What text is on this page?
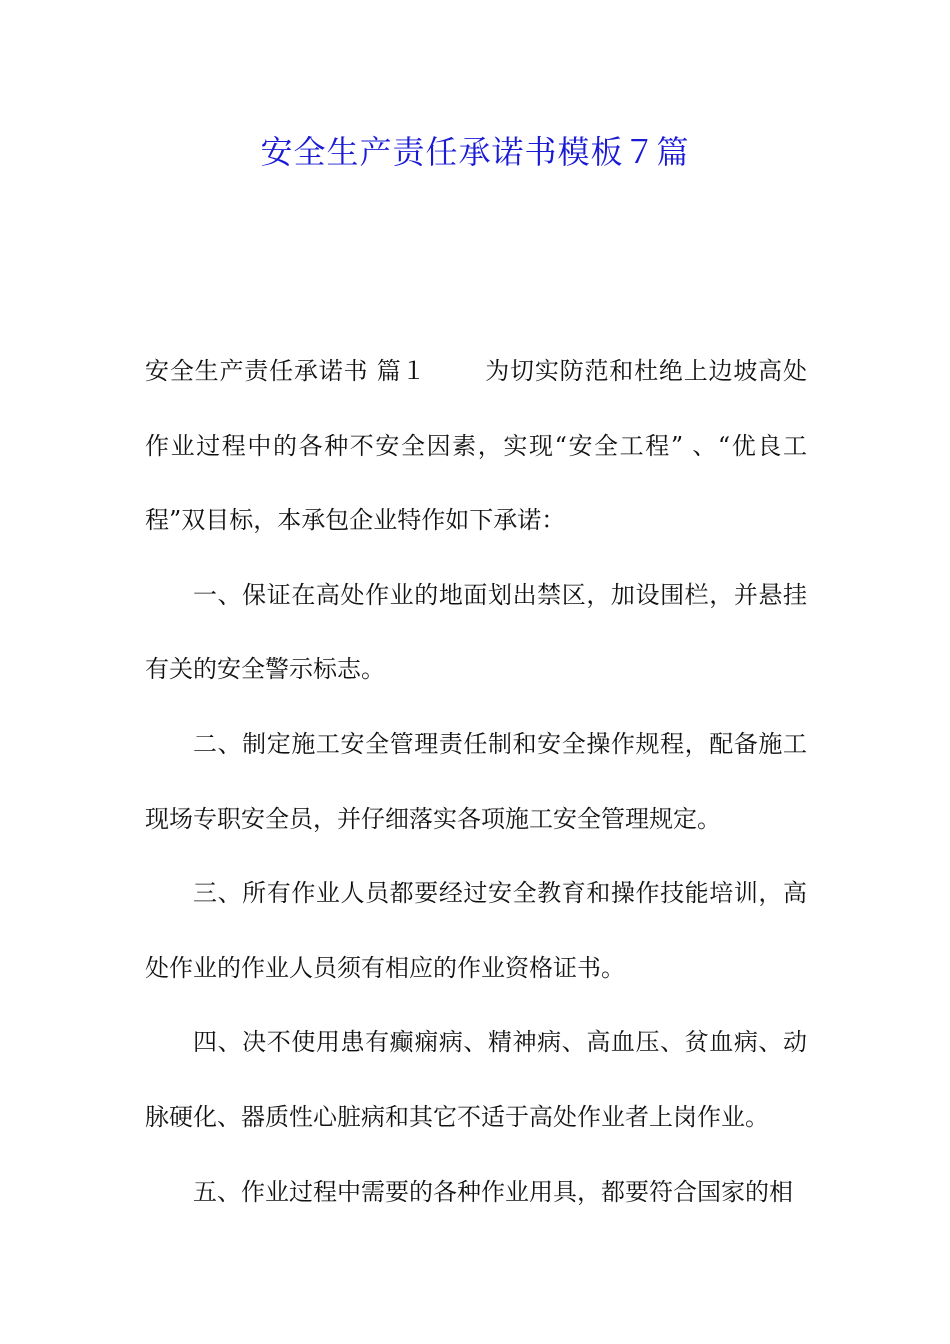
安全生产责任承诺书模板７篇

安全生产责任承诺书 篇１ 为切实防范和杜绝上边坡高处作业过程中的各种不安全因素，实现“安全工程” 、“优良工程”双目标，本承包企业特作如下承诺：

一、保证在高处作业的地面划出禁区，加设围栏，并悬挂有关的安全警示标志。

二、制定施工安全管理责任制和安全操作规程，配备施工现场专职安全员，并仔细落实各项施工安全管理规定。

三、所有作业人员都要经过安全教育和操作技能培训，高处作业的作业人员须有相应的作业资格证书。

四、决不使用患有癫痫病、精神病、高血压、贫血病、动脉硬化、器质性心脏病和其它不适于高处作业者上岗作业。

五、作业过程中需要的各种作业用具，都要符合国家的相
